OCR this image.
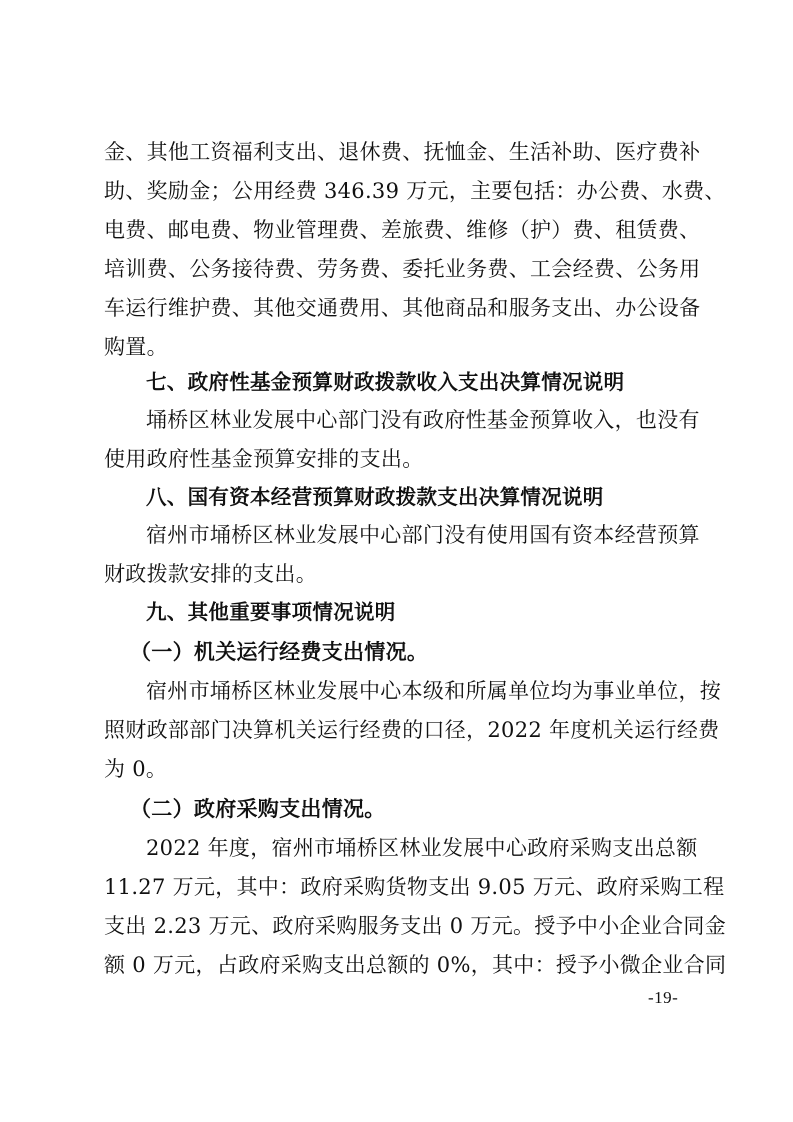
金、其他工资福利支出、退休费、抚恤金、生活补助、医疗费补
助、奖励金；公用经费 346.39 万元，主要包括：办公费、水费、
电费、邮电费、物业管理费、差旅费、维修（护）费、租赁费、
培训费、公务接待费、劳务费、委托业务费、工会经费、公务用
车运行维护费、其他交通费用、其他商品和服务支出、办公设备
购置。
七、政府性基金预算财政拨款收入支出决算情况说明
埇桥区林业发展中心部门没有政府性基金预算收入，也没有
使用政府性基金预算安排的支出。
八、国有资本经营预算财政拨款支出决算情况说明
宿州市埇桥区林业发展中心部门没有使用国有资本经营预算
财政拨款安排的支出。
九、其他重要事项情况说明
（一）机关运行经费支出情况。
宿州市埇桥区林业发展中心本级和所属单位均为事业单位，按
照财政部部门决算机关运行经费的口径，2022 年度机关运行经费
为 0。
（二）政府采购支出情况。
2022 年度，宿州市埇桥区林业发展中心政府采购支出总额
11.27 万元，其中：政府采购货物支出 9.05 万元、政府采购工程
支出 2.23 万元、政府采购服务支出 0 万元。授予中小企业合同金
额 0 万元，占政府采购支出总额的 0%，其中：授予小微企业合同
-19-
